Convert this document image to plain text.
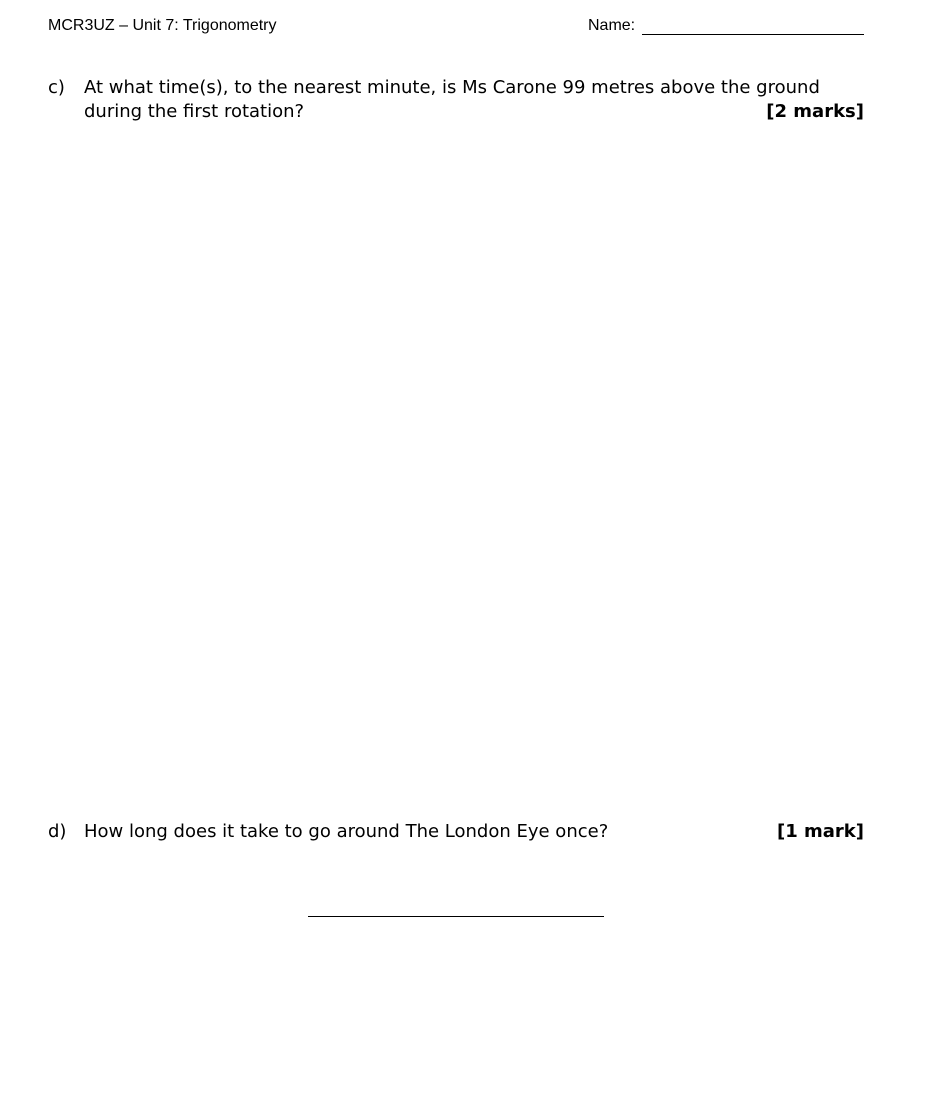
MCR3UZ – Unit 7: Trigonometry	Name:
c) At what time(s), to the nearest minute, is Ms Carone 99 metres above the ground
during the first rotation?	[2 marks]
d) How long does it take to go around The London Eye once?	[1 mark]
